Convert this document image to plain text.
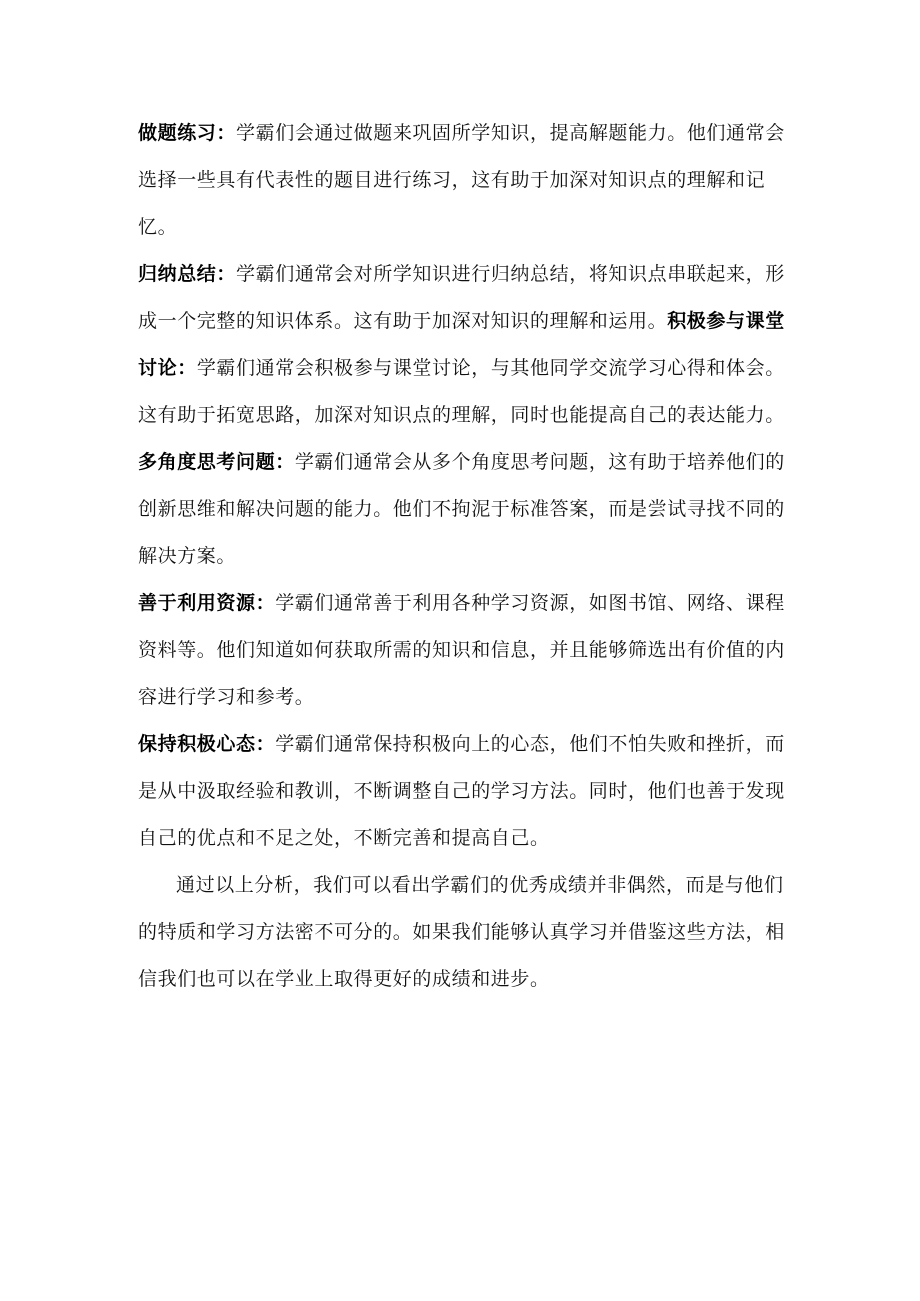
做题练习：学霸们会通过做题来巩固所学知识，提高解题能力。他们通常会选择一些具有代表性的题目进行练习，这有助于加深对知识点的理解和记忆。

归纳总结：学霸们通常会对所学知识进行归纳总结，将知识点串联起来，形成一个完整的知识体系。这有助于加深对知识的理解和运用。积极参与课堂讨论：学霸们通常会积极参与课堂讨论，与其他同学交流学习心得和体会。这有助于拓宽思路，加深对知识点的理解，同时也能提高自己的表达能力。

多角度思考问题：学霸们通常会从多个角度思考问题，这有助于培养他们的创新思维和解决问题的能力。他们不拘泥于标准答案，而是尝试寻找不同的解决方案。

善于利用资源：学霸们通常善于利用各种学习资源，如图书馆、网络、课程资料等。他们知道如何获取所需的知识和信息，并且能够筛选出有价值的内容进行学习和参考。

保持积极心态：学霸们通常保持积极向上的心态，他们不怕失败和挫折，而是从中汲取经验和教训，不断调整自己的学习方法。同时，他们也善于发现自己的优点和不足之处，不断完善和提高自己。

通过以上分析，我们可以看出学霸们的优秀成绩并非偶然，而是与他们的特质和学习方法密不可分的。如果我们能够认真学习并借鉴这些方法，相信我们也可以在学业上取得更好的成绩和进步。
